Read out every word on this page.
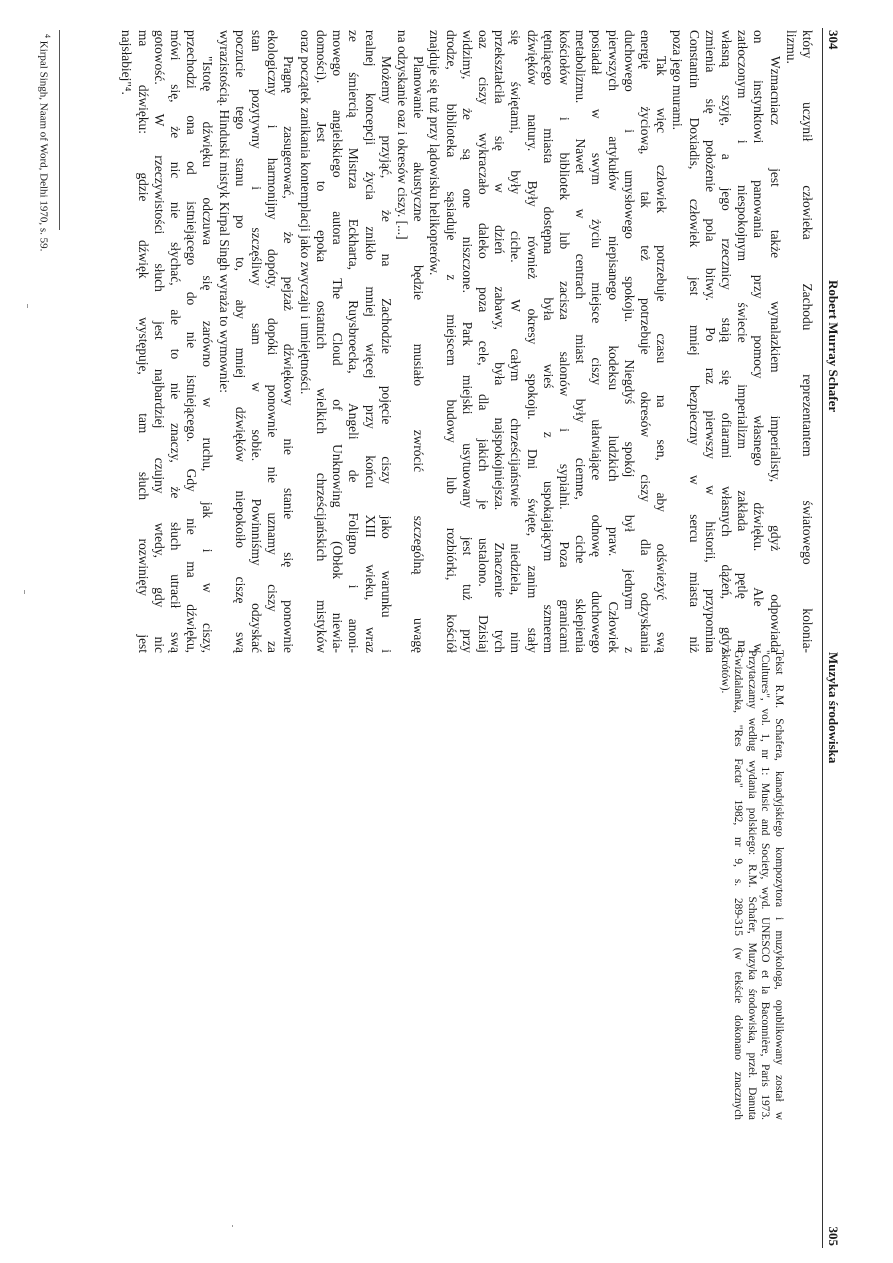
304
Robert Murray Schafer
który uczynił człowieka Zachodu reprezentantem światowego kolonia-
lizmu.
Wzmacniacz jest także wynalazkiem imperialisty, gdyż odpowiada
on instynktowi panowania przy pomocy własnego dźwięku. Ale w
zatłoczonym i niespokojnym świecie imperializm zakłada pętlę na
własną szyję, a jego rzecznicy stają się ofiarami własnych dążeń, gdyż
zmienia się położenie pola bitwy. Po raz pierwszy w historii, przypomina
Constantin Doxiadis, człowiek jest mniej bezpieczny w sercu miasta niż
poza jego murami.
Tak więc człowiek potrzebuje czasu na sen, aby odświeżyć swą
energię życiową, tak też potrzebuje okresów ciszy dla odzyskania
duchowego i umysłowego spokoju. Niegdyś spokój był jednym z
pierwszych artykułów niepisanego kodeksu ludzkich praw. Człowiek
posiadał w swym życiu miejsce ciszy ułatwiające odnowę duchowego
metabolizmu. Nawet w centrach miast były ciemne, ciche sklepienia
kościołów i bibliotek lub zacisza salonów i sypialni. Poza granicami
tętniącego miasta dostępna była wieś z uspokajającym szmerem
dźwięków natury. Były również okresy spokoju. Dni święte, zanim stały
się świętami, były ciche. W całym chrześcijaństwie niedziela, nim
przekształciła się w dzień zabawy, była najspokojniejsza. Znaczenie tych
oaz ciszy wykraczało daleko poza cele, dla jakich je ustalono. Dzisiaj
widzimy, że są one niszczone. Park miejski usytuowany jest tuż przy
drodze, biblioteka sąsiaduje z miejscem budowy lub rozbiórki, kościół
znajduje się tuż przy lądowisku helikopterów.
Planowanie akustyczne będzie musiało zwrócić szczególną uwagę
na odzyskanie oaz i okresów ciszy. [...]
Możemy przyjąć, że na Zachodzie pojęcie ciszy jako warunku i
realnej koncepcji życia znikło mniej więcej przy końcu XIII wieku, wraz
ze śmiercią Mistrza Eckharta, Ruysbroecka, Angeli de Foligno i anoni-
mowego angielskiego autora The Cloud of Unknowing (Obłok niewia-
domości). Jest to epoka ostatnich wielkich chrześcijańskich mistyków
oraz początek zanikania kontemplacji jako zwyczaju i umiejętności.
Pragnę zasugerować, że pejzaż dźwiękowy nie stanie się ponownie
ekologiczny i harmonijny dopóty, dopóki ponownie nie uznamy ciszy za
stan pozytywny i szczęśliwy sam w sobie. Powinniśmy odzyskać
poczucie tego stanu po to, aby mniej dźwięków niepokoiło ciszę swą
wyrazistością. Hinduski mistyk Kirpal Singh wyraża to wymownie:
"Istotę dźwięku odczuwa się zarówno w ruchu, jak i w ciszy,
przechodzi ona od istniejącego do nie istniejącego. Gdy nie ma dźwięku,
mówi się, że nic nie słychać, ale to nie znaczy, że słuch utracił swą
gotowość. W rzeczywistości słuch jest najbardziej czujny wtedy, gdy nic
ma dźwięku: gdzie dźwięk występuje, tam słuch rozwinięty jest
najsłabiej"⁴.
$^4$ Kirpal Singh, Naam of Word, Delhi 1970, s. 59.
Muzyka środowiska
305
Tekst R.M. Schafera, kanadyjskiego kompozytora i muzykologa, opublikowany został w
"Cultures", vol. 1, nr 1: Music and Society, wyd. UNESCO et la Baconnière, Paris 1973.
Przytaczamy według wydania polskiego: R.M. Schafer, Muzyka środowiska, przeł. Danuta
Gwizdalanka, "Res Facta" 1982, nr 9, s. 289-315 (w tekście dokonano znacznych
skrótów).
